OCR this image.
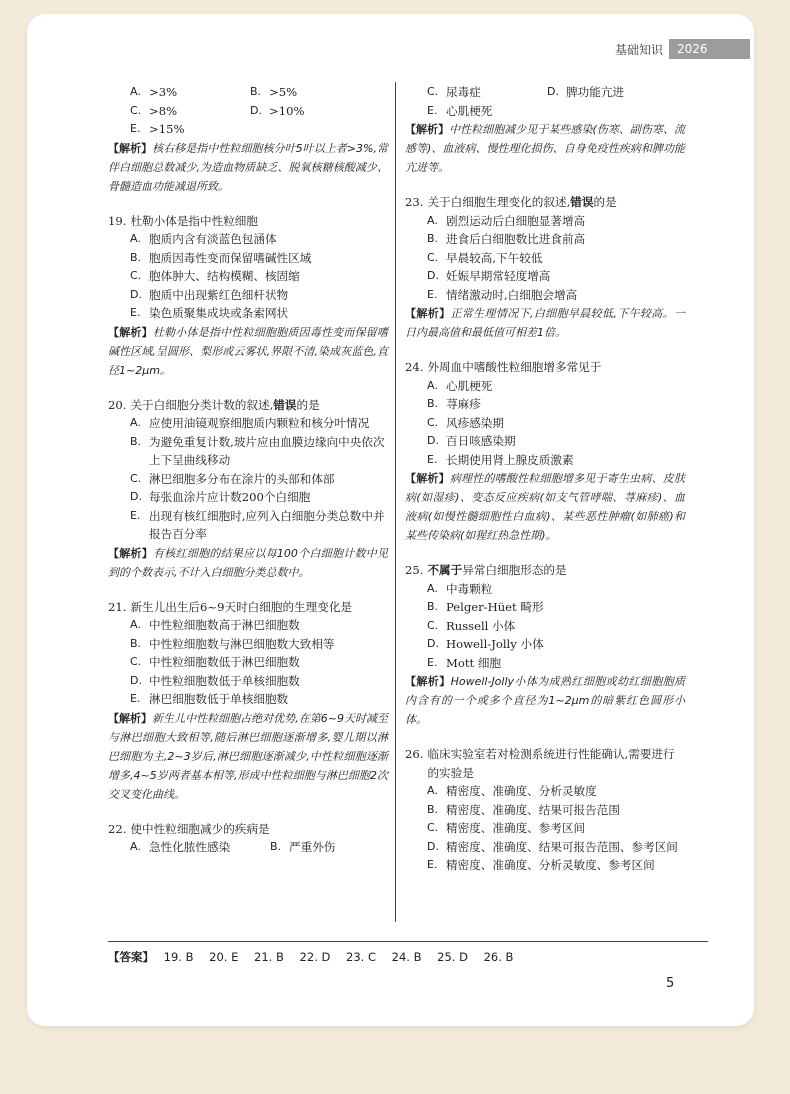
基础知识	2026
A. >3%	B. >5%
C. >8%	D. >10%
E. >15%
【解析】核右移是指中性粒细胞核分叶5叶以上者>3%,常伴白细胞总数减少,为造血物质缺乏、脱氧核糖核酸减少、骨髓造血功能减退所致。
19. 杜勒小体是指中性粒细胞
A. 胞质内含有淡蓝色包涵体
B. 胞质因毒性变而保留嗜碱性区域
C. 胞体肿大、结构模糊、核固缩
D. 胞质中出现紫红色细杆状物
E. 染色质聚集成块或条索网状
【解析】杜勒小体是指中性粒细胞胞质因毒性变而保留嗜碱性区域,呈圆形、梨形或云雾状,界限不清,染成灰蓝色,直径1~2μm。
20. 关于白细胞分类计数的叙述,错误的是
A. 应使用油镜观察细胞质内颗粒和核分叶情况
B. 为避免重复计数,玻片应由血膜边缘向中央依次上下呈曲线移动
C. 淋巴细胞多分布在涂片的头部和体部
D. 每张血涂片应计数200个白细胞
E. 出现有核红细胞时,应列入白细胞分类总数中并报告百分率
【解析】有核红细胞的结果应以每100个白细胞计数中见到的个数表示,不计入白细胞分类总数中。
21. 新生儿出生后6~9天时白细胞的生理变化是
A. 中性粒细胞数高于淋巴细胞数
B. 中性粒细胞数与淋巴细胞数大致相等
C. 中性粒细胞数低于淋巴细胞数
D. 中性粒细胞数低于单核细胞数
E. 淋巴细胞数低于单核细胞数
【解析】新生儿中性粒细胞占绝对优势,在第6~9天时减至与淋巴细胞大致相等,随后淋巴细胞逐渐增多,婴儿期以淋巴细胞为主,2~3岁后,淋巴细胞逐渐减少,中性粒细胞逐渐增多,4~5岁两者基本相等,形成中性粒细胞与淋巴细胞2次交叉变化曲线。
22. 使中性粒细胞减少的疾病是
A. 急性化脓性感染	B. 严重外伤
C. 尿毒症	D. 脾功能亢进
E. 心肌梗死
【解析】中性粒细胞减少见于某些感染(伤寒、副伤寒、流感等)、血液病、慢性理化损伤、自身免疫性疾病和脾功能亢进等。
23. 关于白细胞生理变化的叙述,错误的是
A. 剧烈运动后白细胞显著增高
B. 进食后白细胞数比进食前高
C. 早晨较高,下午较低
D. 妊娠早期常轻度增高
E. 情绪激动时,白细胞会增高
【解析】正常生理情况下,白细胞早晨较低,下午较高。一日内最高值和最低值可相差1倍。
24. 外周血中嗜酸性粒细胞增多常见于
A. 心肌梗死
B. 荨麻疹
C. 风疹感染期
D. 百日咳感染期
E. 长期使用肾上腺皮质激素
【解析】病理性的嗜酸性粒细胞增多见于寄生虫病、皮肤病(如湿疹)、变态反应疾病(如支气管哮喘、荨麻疹)、血液病(如慢性髓细胞性白血病)、某些恶性肿瘤(如肺癌)和某些传染病(如猩红热急性期)。
25. 不属于异常白细胞形态的是
A. 中毒颗粒
B. Pelger-Hüet 畸形
C. Russell 小体
D. Howell-Jolly 小体
E. Mott 细胞
【解析】Howell-Jolly小体为成熟红细胞或幼红细胞胞质内含有的一个或多个直径为1~2μm的暗紫红色圆形小体。
26. 临床实验室若对检测系统进行性能确认,需要进行的实验是
A. 精密度、准确度、分析灵敏度
B. 精密度、准确度、结果可报告范围
C. 精密度、准确度、参考区间
D. 精密度、准确度、结果可报告范围、参考区间
E. 精密度、准确度、分析灵敏度、参考区间
【答案】 19. B 20. E 21. B 22. D 23. C 24. B 25. D 26. B
5
